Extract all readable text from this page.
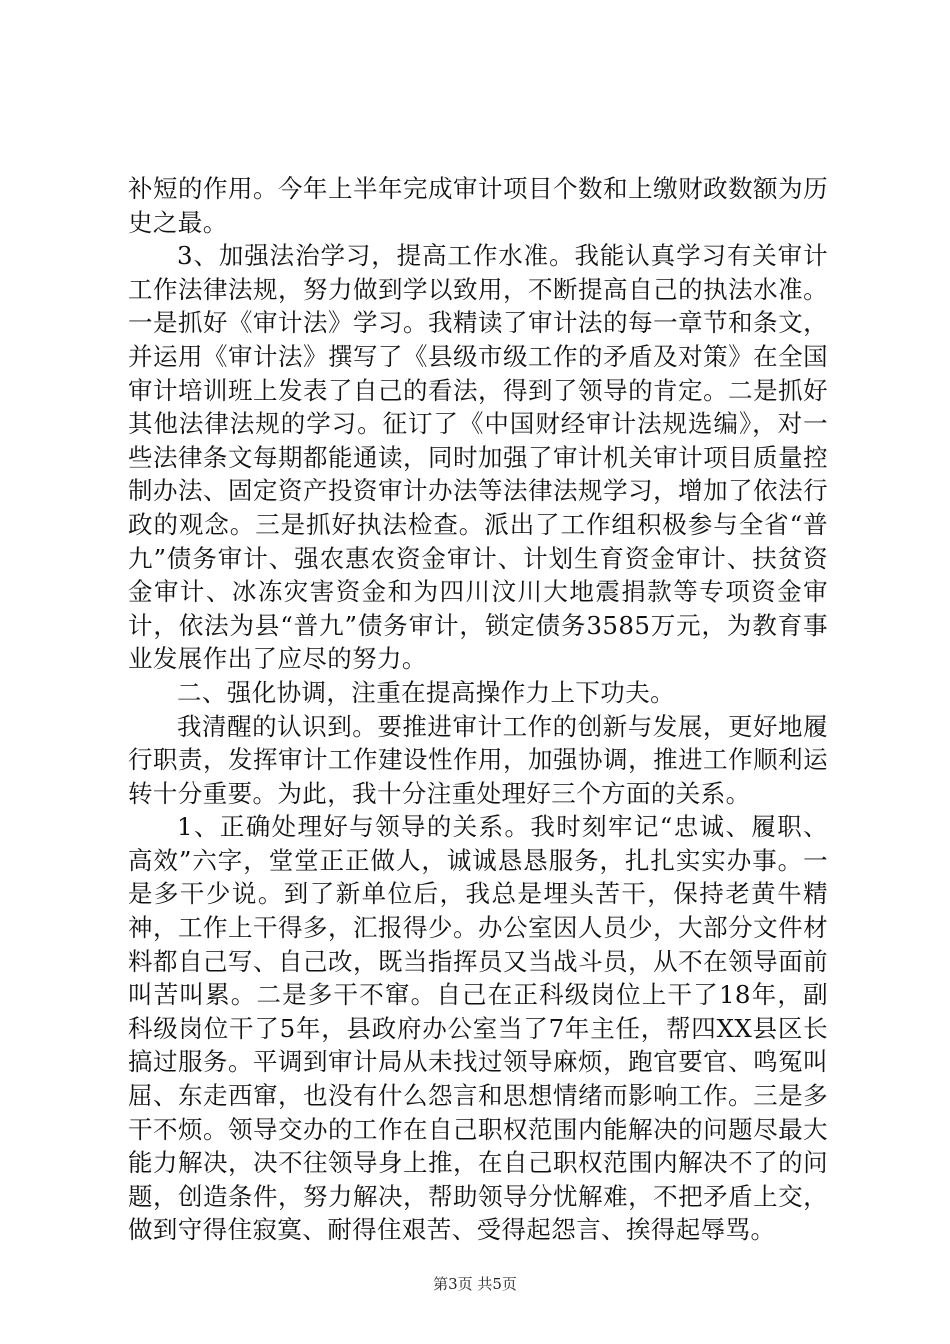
补短的作用。今年上半年完成审计项目个数和上缴财政数额为历史之最。

3、加强法治学习，提高工作水准。我能认真学习有关审计工作法律法规，努力做到学以致用，不断提高自己的执法水准。一是抓好《审计法》学习。我精读了审计法的每一章节和条文，并运用《审计法》撰写了《县级市级工作的矛盾及对策》在全国审计培训班上发表了自己的看法，得到了领导的肯定。二是抓好其他法律法规的学习。征订了《中国财经审计法规选编》，对一些法律条文每期都能通读，同时加强了审计机关审计项目质量控制办法、固定资产投资审计办法等法律法规学习，增加了依法行政的观念。三是抓好执法检查。派出了工作组积极参与全省“普九”债务审计、强农惠农资金审计、计划生育资金审计、扶贫资金审计、冰冻灾害资金和为四川汶川大地震捐款等专项资金审计，依法为县“普九”债务审计，锁定债务3585万元，为教育事业发展作出了应尽的努力。

二、强化协调，注重在提高操作力上下功夫。

我清醒的认识到。要推进审计工作的创新与发展，更好地履行职责，发挥审计工作建设性作用，加强协调，推进工作顺利运转十分重要。为此，我十分注重处理好三个方面的关系。

1、正确处理好与领导的关系。我时刻牢记“忠诚、履职、高效”六字，堂堂正正做人，诚诚恳恳服务，扎扎实实办事。一是多干少说。到了新单位后，我总是埋头苦干，保持老黄牛精神，工作上干得多，汇报得少。办公室因人员少，大部分文件材料都自己写、自己改，既当指挥员又当战斗员，从不在领导面前叫苦叫累。二是多干不窜。自己在正科级岗位上干了18年，副科级岗位干了5年，县政府办公室当了7年主任，帮四XX县区长搞过服务。平调到审计局从未找过领导麻烦，跑官要官、鸣冤叫屈、东走西窜，也没有什么怨言和思想情绪而影响工作。三是多干不烦。领导交办的工作在自己职权范围内能解决的问题尽最大能力解决，决不往领导身上推，在自己职权范围内解决不了的问题，创造条件，努力解决，帮助领导分忧解难，不把矛盾上交，做到守得住寂寞、耐得住艰苦、受得起怨言、挨得起辱骂。

第3页 共5页
